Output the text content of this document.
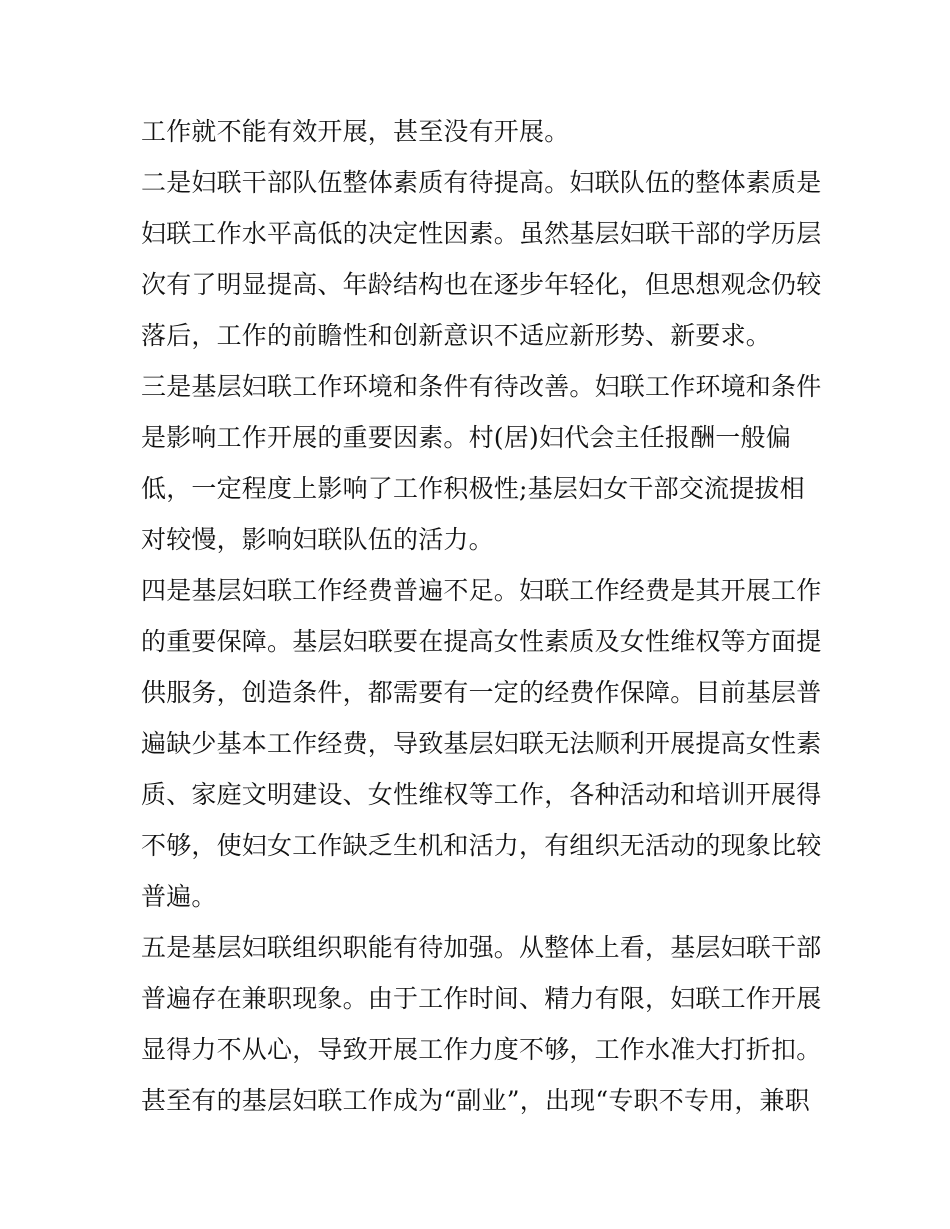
工作就不能有效开展，甚至没有开展。
二是妇联干部队伍整体素质有待提高。妇联队伍的整体素质是
妇联工作水平高低的决定性因素。虽然基层妇联干部的学历层
次有了明显提高、年龄结构也在逐步年轻化，但思想观念仍较
落后，工作的前瞻性和创新意识不适应新形势、新要求。
三是基层妇联工作环境和条件有待改善。妇联工作环境和条件
是影响工作开展的重要因素。村(居)妇代会主任报酬一般偏
低，一定程度上影响了工作积极性;基层妇女干部交流提拔相
对较慢，影响妇联队伍的活力。
四是基层妇联工作经费普遍不足。妇联工作经费是其开展工作
的重要保障。基层妇联要在提高女性素质及女性维权等方面提
供服务，创造条件，都需要有一定的经费作保障。目前基层普
遍缺少基本工作经费，导致基层妇联无法顺利开展提高女性素
质、家庭文明建设、女性维权等工作，各种活动和培训开展得
不够，使妇女工作缺乏生机和活力，有组织无活动的现象比较
普遍。
五是基层妇联组织职能有待加强。从整体上看，基层妇联干部
普遍存在兼职现象。由于工作时间、精力有限，妇联工作开展
显得力不从心，导致开展工作力度不够，工作水准大打折扣。
甚至有的基层妇联工作成为“副业”，出现“专职不专用，兼职
